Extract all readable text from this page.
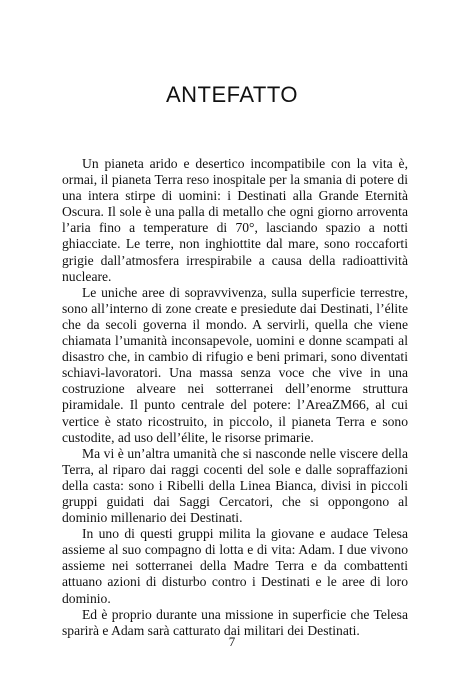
ANTEFATTO

Un pianeta arido e desertico incompatibile con la vita è, ormai, il pianeta Terra reso inospitale per la smania di potere di una intera stirpe di uomini: i Destinati alla Grande Eternità Oscura. Il sole è una palla di metallo che ogni giorno arroventa l’aria fino a temperature di 70°, lasciando spazio a notti ghiacciate. Le terre, non inghiottite dal mare, sono roccaforti grigie dall’atmosfera irrespirabile a causa della radioattività nucleare.

Le uniche aree di sopravvivenza, sulla superficie terrestre, sono all’interno di zone create e presiedute dai Destinati, l’élite che da secoli governa il mondo. A servirli, quella che viene chiamata l’umanità inconsapevole, uomini e donne scampati al disastro che, in cambio di rifugio e beni primari, sono diventati schiavi-lavoratori. Una massa senza voce che vive in una costruzione alveare nei sotterranei dell’enorme struttura piramidale. Il punto centrale del potere: l’AreaZM66, al cui vertice è stato ricostruito, in piccolo, il pianeta Terra e sono custodite, ad uso dell’élite, le risorse primarie.

Ma vi è un’altra umanità che si nasconde nelle viscere della Terra, al riparo dai raggi cocenti del sole e dalle sopraffazioni della casta: sono i Ribelli della Linea Bianca, divisi in piccoli gruppi guidati dai Saggi Cercatori, che si oppongono al dominio millenario dei Destinati.

In uno di questi gruppi milita la giovane e audace Telesa assieme al suo compagno di lotta e di vita: Adam. I due vivono assieme nei sotterranei della Madre Terra e da combattenti attuano azioni di disturbo contro i Destinati e le aree di loro dominio.

Ed è proprio durante una missione in superficie che Telesa sparirà e Adam sarà catturato dai militari dei Destinati.

7
